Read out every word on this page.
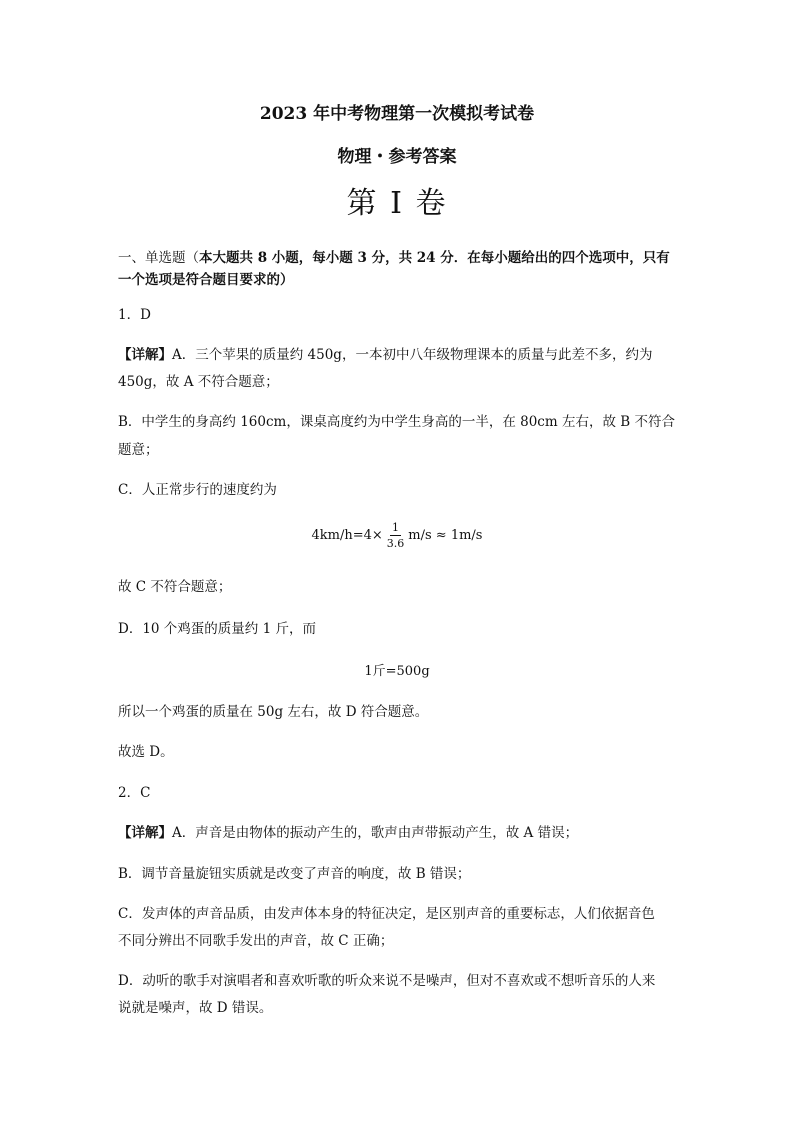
2023 年中考物理第一次模拟考试卷
物理・参考答案
第 I 卷
一、单选题（本大题共 8 小题，每小题 3 分，共 24 分．在每小题给出的四个选项中，只有
一个选项是符合题目要求的）
1．D
【详解】A．三个苹果的质量约 450g，一本初中八年级物理课本的质量与此差不多，约为
450g，故 A 不符合题意；
B．中学生的身高约 160cm，课桌高度约为中学生身高的一半，在 80cm 左右，故 B 不符合
题意；
C．人正常步行的速度约为
$4km/h=4\times \frac{1}{3.6} m/s \approx 1m/s$
故 C 不符合题意；
D．10 个鸡蛋的质量约 1 斤，而
1斤=500g
所以一个鸡蛋的质量在 50g 左右，故 D 符合题意。
故选 D。
2．C
【详解】A．声音是由物体的振动产生的，歌声由声带振动产生，故 A 错误；
B．调节音量旋钮实质就是改变了声音的响度，故 B 错误；
C．发声体的声音品质，由发声体本身的特征决定，是区别声音的重要标志，人们依据音色
不同分辨出不同歌手发出的声音，故 C 正确；
D．动听的歌手对演唱者和喜欢听歌的听众来说不是噪声，但对不喜欢或不想听音乐的人来
说就是噪声，故 D 错误。
